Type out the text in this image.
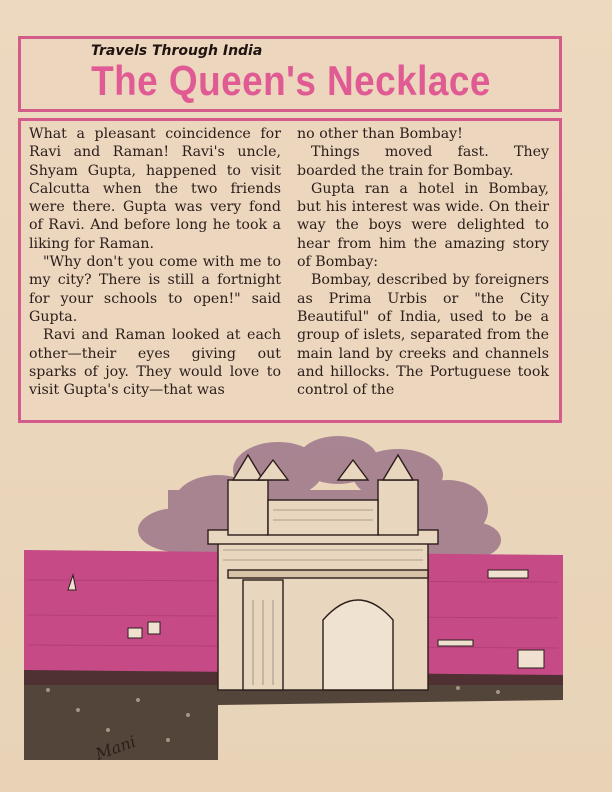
Travels Through India
The Queen's Necklace

What a pleasant coincidence for Ravi and Raman! Ravi's uncle, Shyam Gupta, happened to visit Calcutta when the two friends were there. Gupta was very fond of Ravi. And before long he took a liking for Raman.

"Why don't you come with me to my city? There is still a fortnight for your schools to open!" said Gupta.

Ravi and Raman looked at each other—their eyes giving out sparks of joy. They would love to visit Gupta's city—that was

no other than Bombay!

Things moved fast. They boarded the train for Bombay.

Gupta ran a hotel in Bombay, but his interest was wide. On their way the boys were delighted to hear from him the amazing story of Bombay:

Bombay, described by foreigners as Prima Urbis or "the City Beautiful" of India, used to be a group of islets, separated from the main land by creeks and channels and hillocks. The Portuguese took control of the

Mani
